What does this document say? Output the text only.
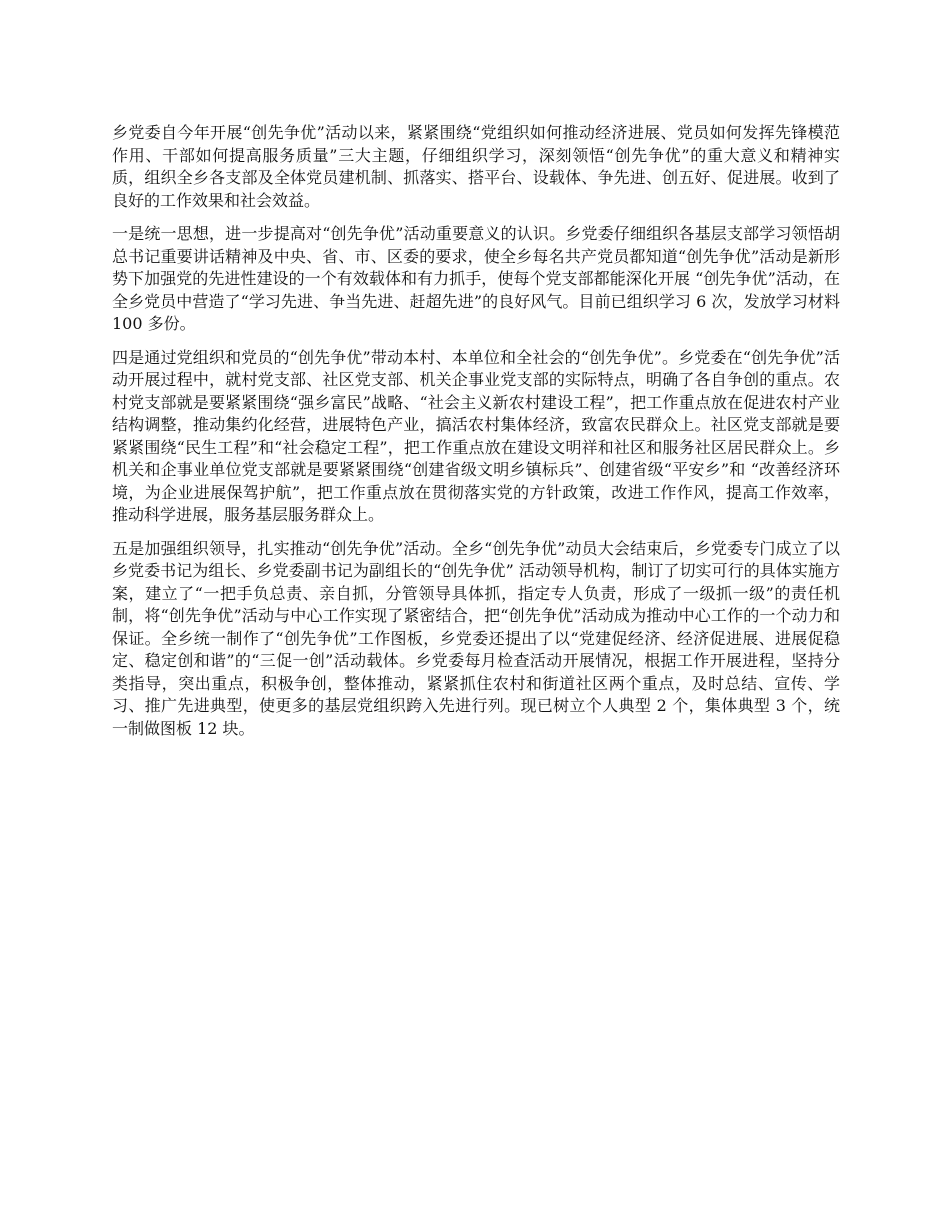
乡党委自今年开展“创先争优”活动以来，紧紧围绕“党组织如何推动经济进展、党员如何发挥先锋模范作用、干部如何提高服务质量”三大主题，仔细组织学习，深刻领悟“创先争优”的重大意义和精神实质，组织全乡各支部及全体党员建机制、抓落实、搭平台、设载体、争先进、创五好、促进展。收到了良好的工作效果和社会效益。

一是统一思想，进一步提高对“创先争优”活动重要意义的认识。乡党委仔细组织各基层支部学习领悟胡总书记重要讲话精神及中央、省、市、区委的要求，使全乡每名共产党员都知道“创先争优”活动是新形势下加强党的先进性建设的一个有效载体和有力抓手，使每个党支部都能深化开展 “创先争优”活动，在全乡党员中营造了“学习先进、争当先进、赶超先进”的良好风气。目前已组织学习 6 次，发放学习材料 100 多份。

四是通过党组织和党员的“创先争优”带动本村、本单位和全社会的“创先争优”。乡党委在“创先争优”活动开展过程中，就村党支部、社区党支部、机关企事业党支部的实际特点，明确了各自争创的重点。农村党支部就是要紧紧围绕“强乡富民”战略、“社会主义新农村建设工程”，把工作重点放在促进农村产业结构调整，推动集约化经营，进展特色产业，搞活农村集体经济，致富农民群众上。社区党支部就是要紧紧围绕“民生工程”和“社会稳定工程”，把工作重点放在建设文明祥和社区和服务社区居民群众上。乡机关和企事业单位党支部就是要紧紧围绕“创建省级文明乡镇标兵”、创建省级“平安乡”和 “改善经济环境，为企业进展保驾护航”，把工作重点放在贯彻落实党的方针政策，改进工作作风，提高工作效率，推动科学进展，服务基层服务群众上。

五是加强组织领导，扎实推动“创先争优”活动。全乡“创先争优”动员大会结束后，乡党委专门成立了以乡党委书记为组长、乡党委副书记为副组长的“创先争优” 活动领导机构，制订了切实可行的具体实施方案，建立了“一把手负总责、亲自抓，分管领导具体抓，指定专人负责，形成了一级抓一级”的责任机制，将“创先争优”活动与中心工作实现了紧密结合，把“创先争优”活动成为推动中心工作的一个动力和保证。全乡统一制作了“创先争优”工作图板，乡党委还提出了以“党建促经济、经济促进展、进展促稳定、稳定创和谐”的“三促一创”活动载体。乡党委每月检查活动开展情况，根据工作开展进程，坚持分类指导，突出重点，积极争创，整体推动，紧紧抓住农村和街道社区两个重点，及时总结、宣传、学习、推广先进典型，使更多的基层党组织跨入先进行列。现已树立个人典型 2 个，集体典型 3 个，统一制做图板 12 块。
